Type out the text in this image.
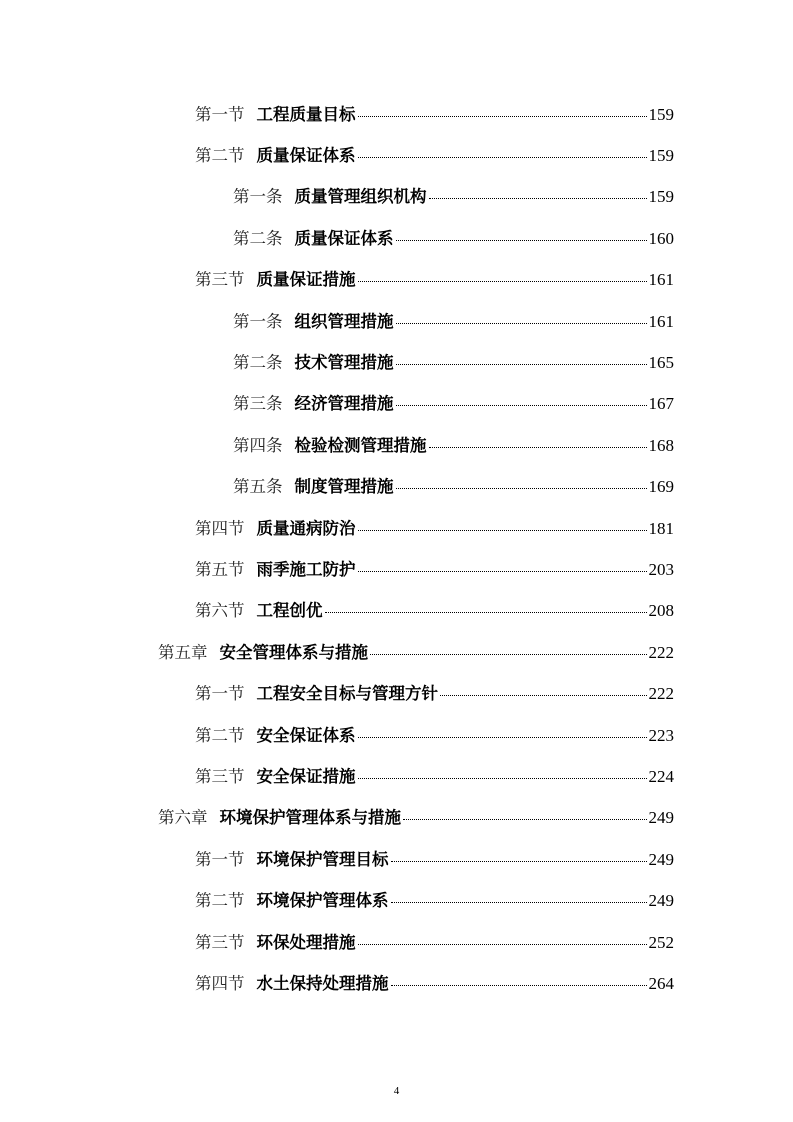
第一节 工程质量目标	159
第二节 质量保证体系	159
第一条 质量管理组织机构	159
第二条 质量保证体系	160
第三节 质量保证措施	161
第一条 组织管理措施	161
第二条 技术管理措施	165
第三条 经济管理措施	167
第四条 检验检测管理措施	168
第五条 制度管理措施	169
第四节 质量通病防治	181
第五节 雨季施工防护	203
第六节 工程创优	208
第五章 安全管理体系与措施	222
第一节 工程安全目标与管理方针	222
第二节 安全保证体系	223
第三节 安全保证措施	224
第六章 环境保护管理体系与措施	249
第一节 环境保护管理目标	249
第二节 环境保护管理体系	249
第三节 环保处理措施	252
第四节 水土保持处理措施	264
4
